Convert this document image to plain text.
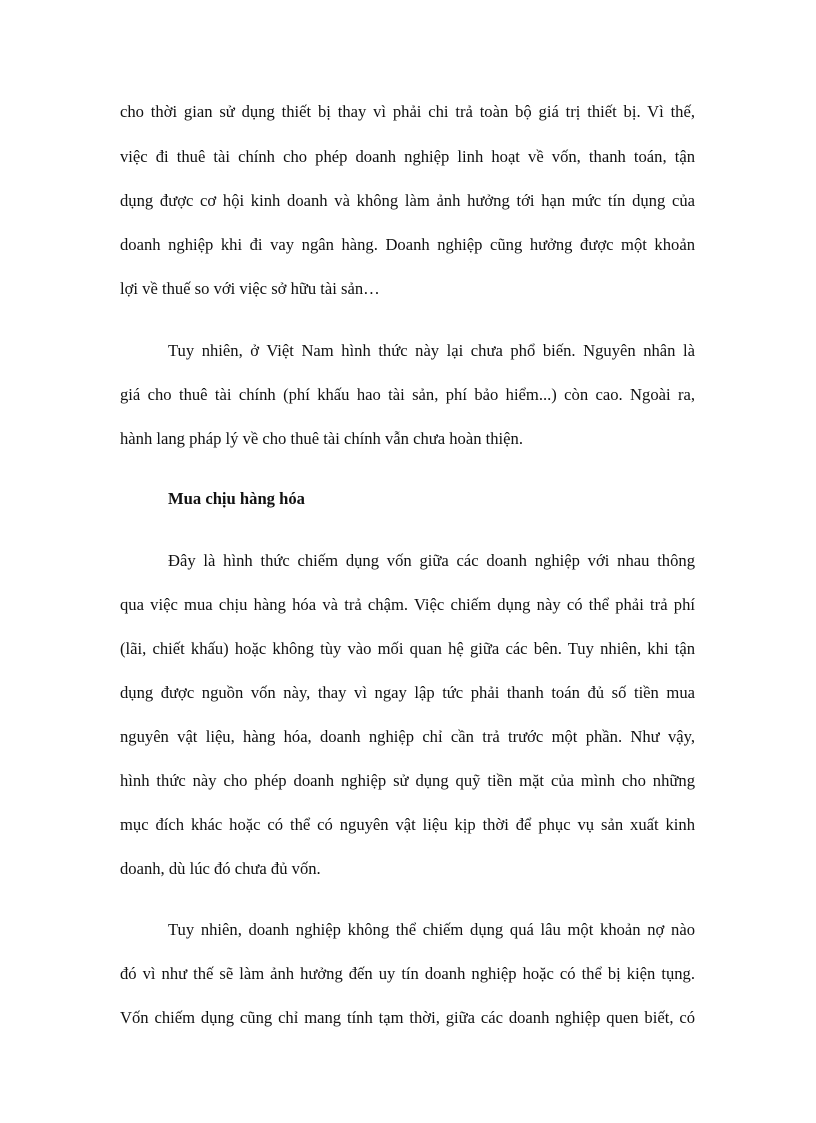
cho thời gian sử dụng thiết bị thay vì phải chi trả toàn bộ giá trị thiết bị. Vì thế,
việc đi thuê tài chính cho phép doanh nghiệp linh hoạt về vốn, thanh toán, tận
dụng được cơ hội kinh doanh và không làm ảnh hưởng tới hạn mức tín dụng của
doanh nghiệp khi đi vay ngân hàng. Doanh nghiệp cũng hưởng được một khoản
lợi về thuế so với việc sở hữu tài sản…
Tuy nhiên, ở Việt Nam hình thức này lại chưa phổ biến. Nguyên nhân là
giá cho thuê tài chính (phí khấu hao tài sản, phí bảo hiểm...) còn cao. Ngoài ra,
hành lang pháp lý về cho thuê tài chính vẫn chưa hoàn thiện.
Mua chịu hàng hóa
Đây là hình thức chiếm dụng vốn giữa các doanh nghiệp với nhau thông
qua việc mua chịu hàng hóa và trả chậm. Việc chiếm dụng này có thể phải trả phí
(lãi, chiết khấu) hoặc không tùy vào mối quan hệ giữa các bên. Tuy nhiên, khi tận
dụng được nguồn vốn này, thay vì ngay lập tức phải thanh toán đủ số tiền mua
nguyên vật liệu, hàng hóa, doanh nghiệp chỉ cần trả trước một phần. Như vậy,
hình thức này cho phép doanh nghiệp sử dụng quỹ tiền mặt của mình cho những
mục đích khác hoặc có thể có nguyên vật liệu kịp thời để phục vụ sản xuất kinh
doanh, dù lúc đó chưa đủ vốn.
Tuy nhiên, doanh nghiệp không thể chiếm dụng quá lâu một khoản nợ nào
đó vì như thế sẽ làm ảnh hưởng đến uy tín doanh nghiệp hoặc có thể bị kiện tụng.
Vốn chiếm dụng cũng chỉ mang tính tạm thời, giữa các doanh nghiệp quen biết, có
